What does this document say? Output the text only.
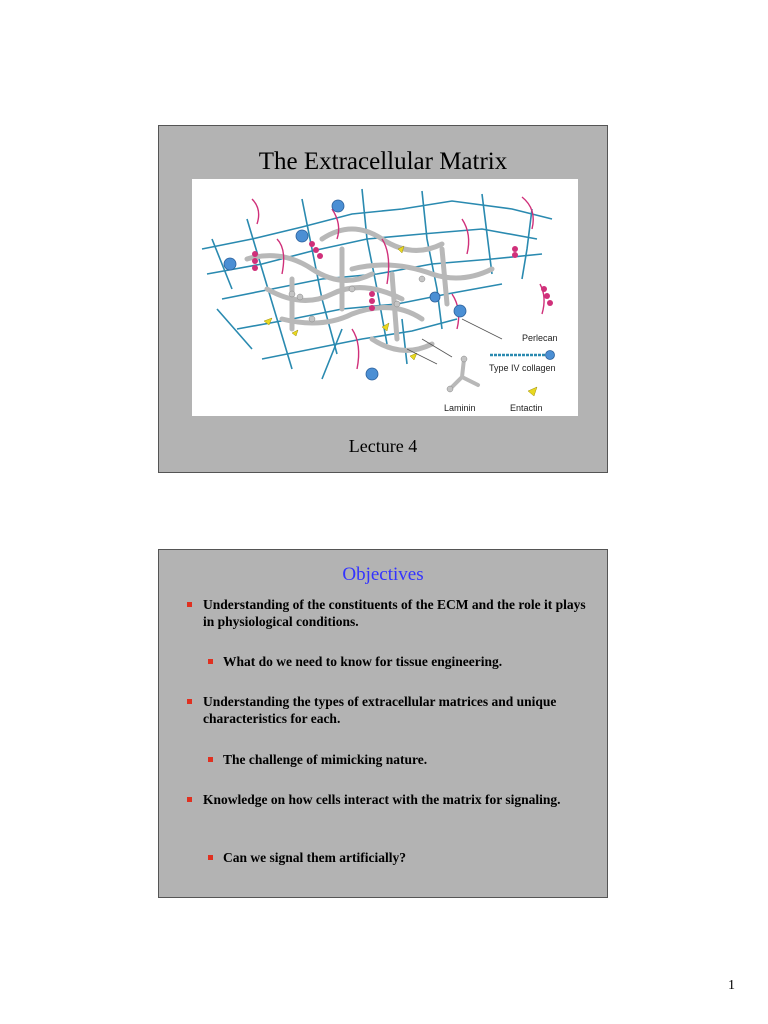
The Extracellular Matrix
Perlecan
Type IV collagen
Laminin	Entactin
Lecture 4
Objectives
Understanding of the constituents of the ECM and the role it plays in physiological conditions.
What do we need to know for tissue engineering.
Understanding the types of extracellular matrices and unique characteristics for each.
The challenge of mimicking nature.
Knowledge on how cells interact with the matrix for signaling.
Can we signal them artificially?
1
